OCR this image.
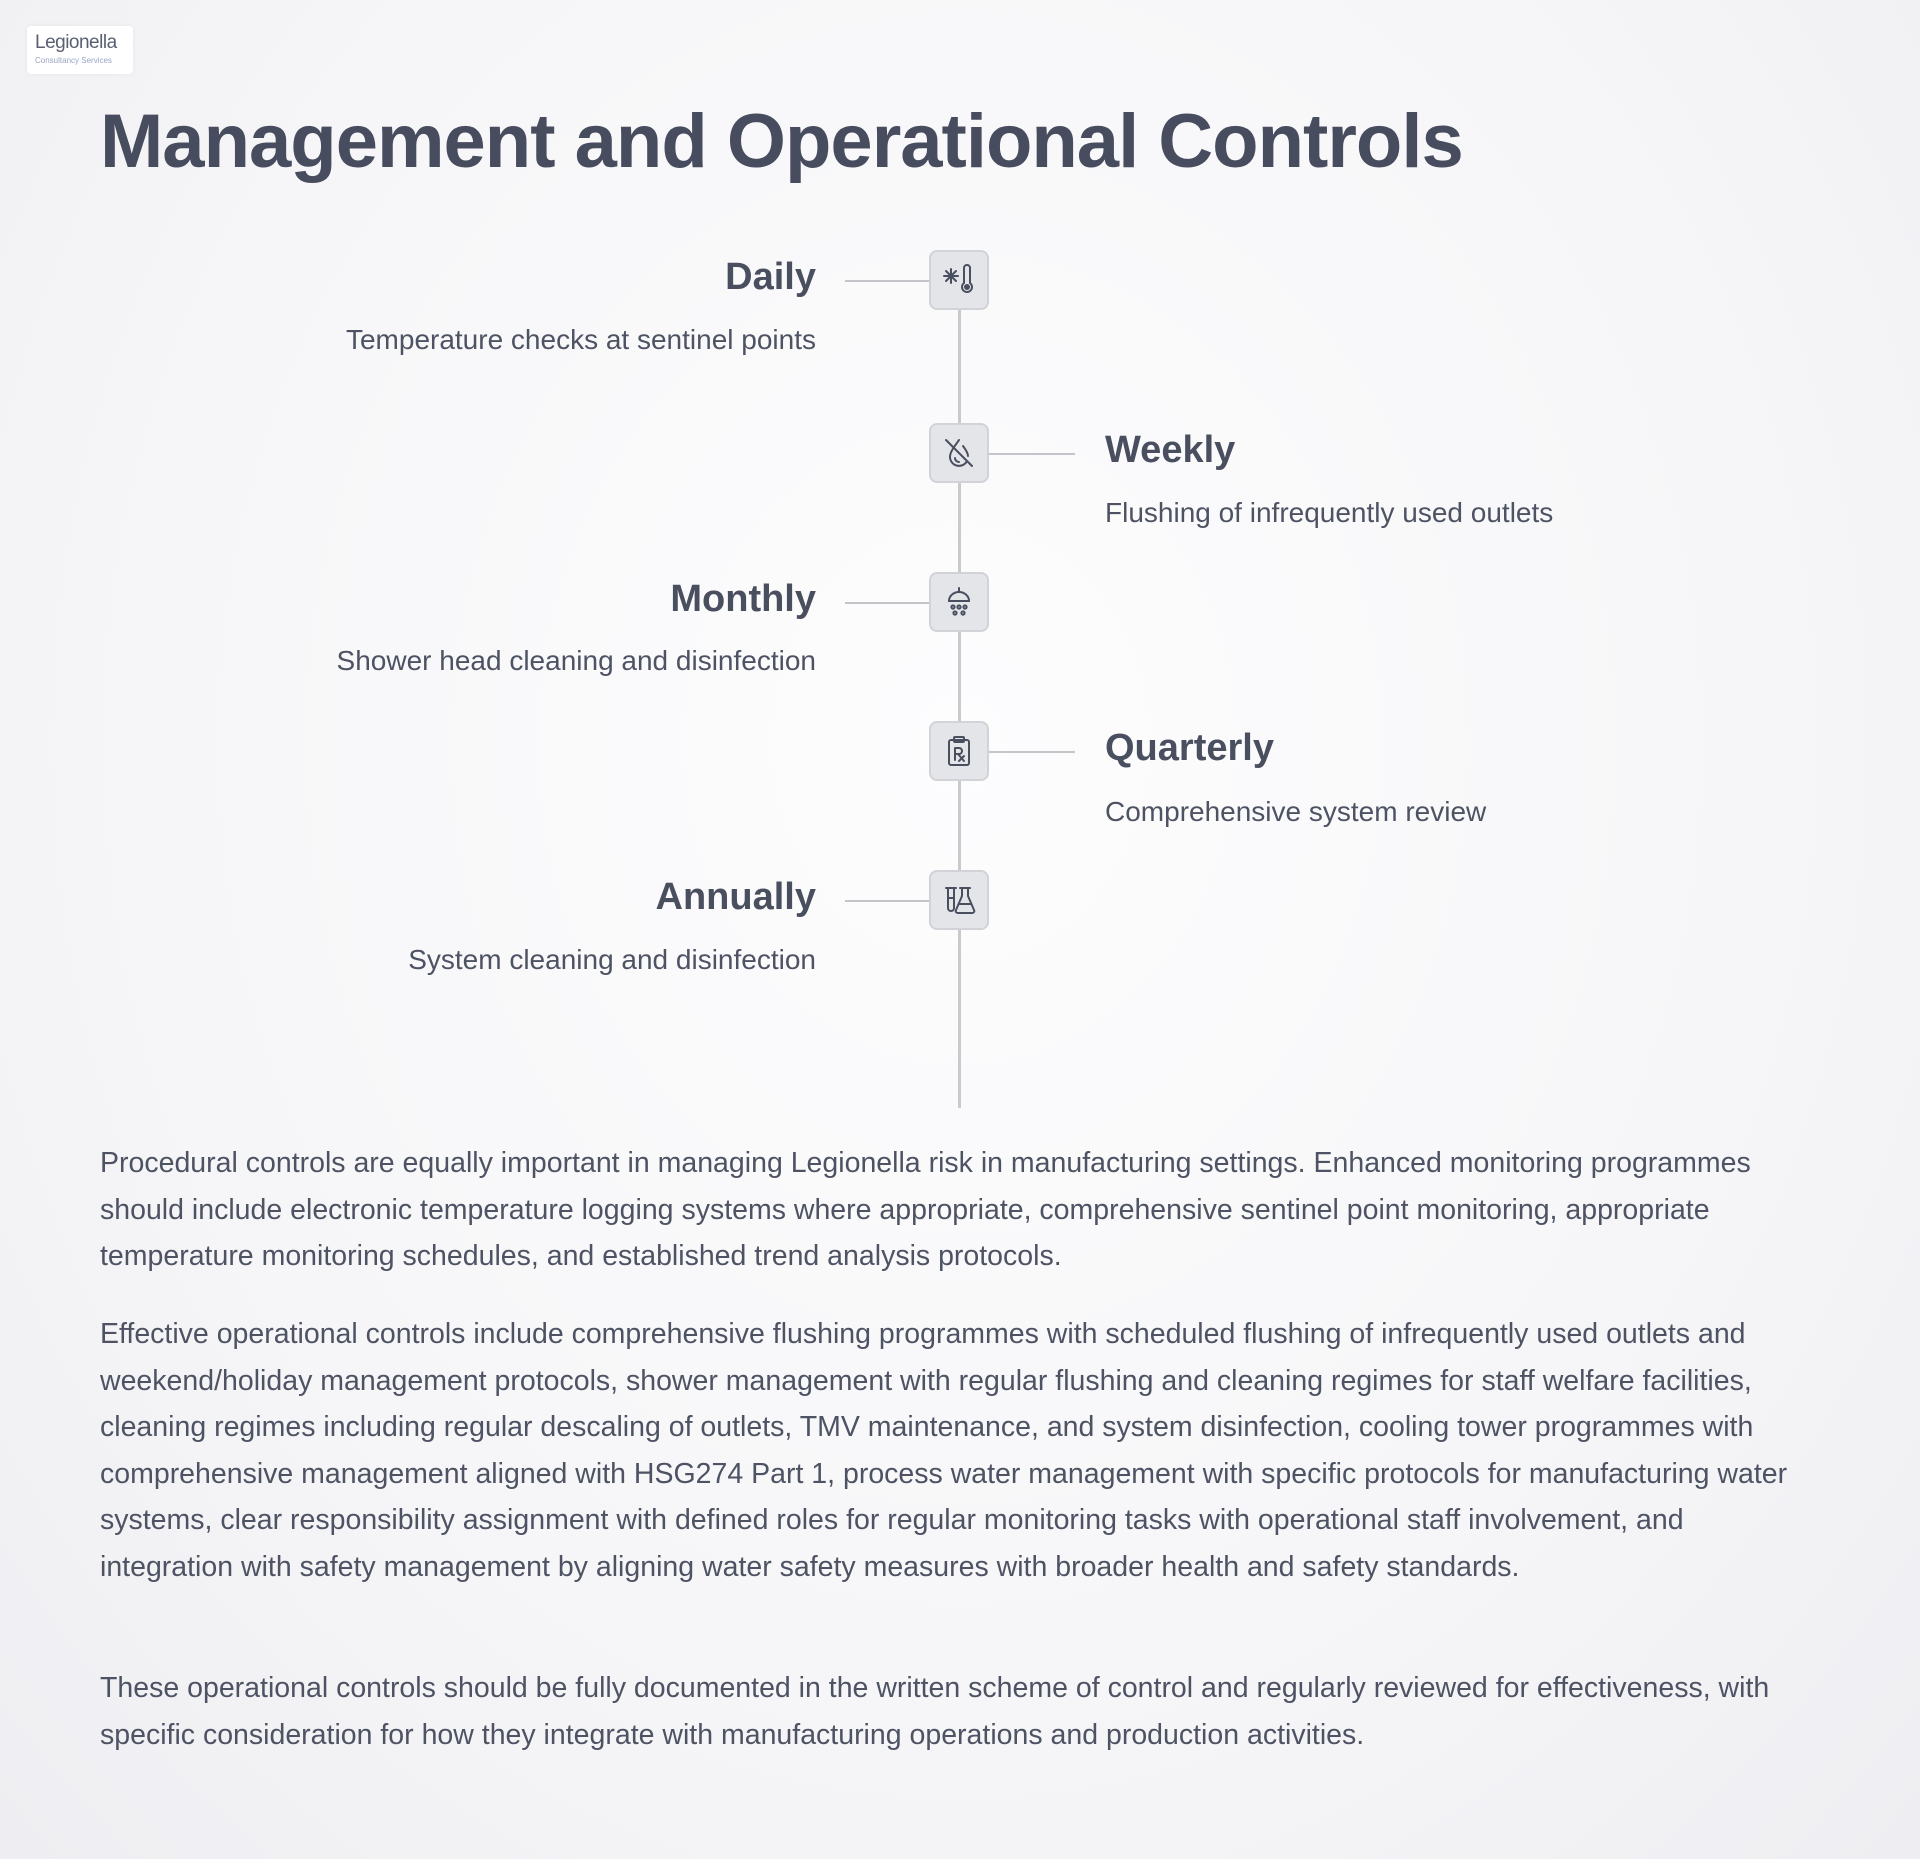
Legionella
Consultancy Services
Management and Operational Controls
Daily
Temperature checks at sentinel points
Weekly
Flushing of infrequently used outlets
Monthly
Shower head cleaning and disinfection
Quarterly
Comprehensive system review
Annually
System cleaning and disinfection

Procedural controls are equally important in managing Legionella risk in manufacturing settings. Enhanced monitoring programmes should include electronic temperature logging systems where appropriate, comprehensive sentinel point monitoring, appropriate temperature monitoring schedules, and established trend analysis protocols.

Effective operational controls include comprehensive flushing programmes with scheduled flushing of infrequently used outlets and weekend/holiday management protocols, shower management with regular flushing and cleaning regimes for staff welfare facilities, cleaning regimes including regular descaling of outlets, TMV maintenance, and system disinfection, cooling tower programmes with comprehensive management aligned with HSG274 Part 1, process water management with specific protocols for manufacturing water systems, clear responsibility assignment with defined roles for regular monitoring tasks with operational staff involvement, and integration with safety management by aligning water safety measures with broader health and safety standards.

These operational controls should be fully documented in the written scheme of control and regularly reviewed for effectiveness, with specific consideration for how they integrate with manufacturing operations and production activities.
